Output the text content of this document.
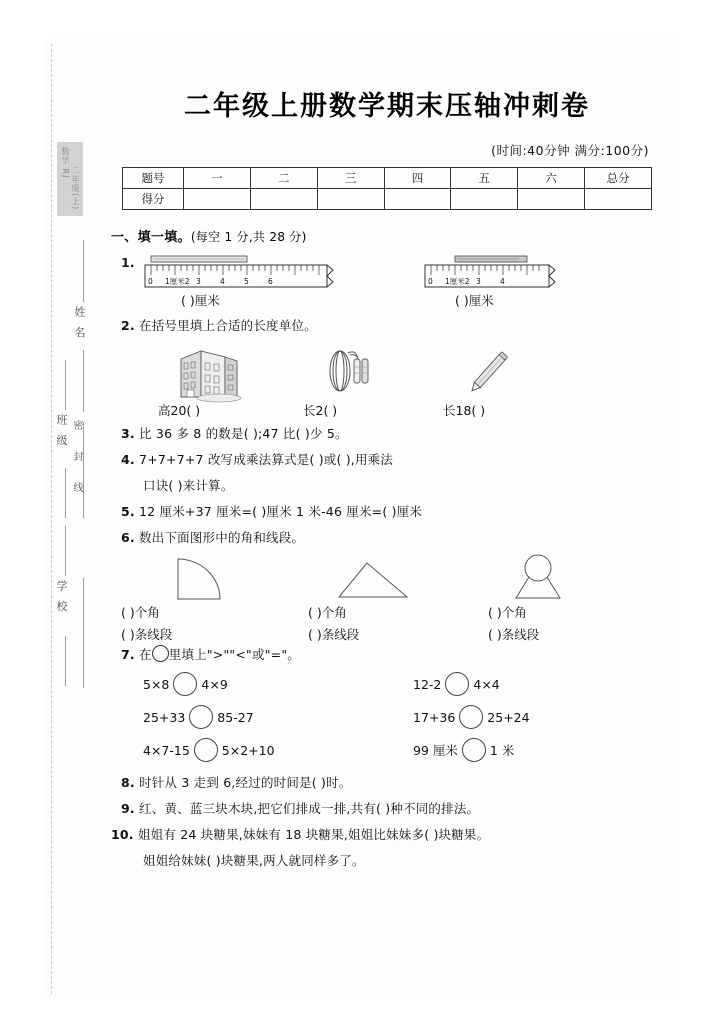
数学 RJ
二年级(上)
姓 名
班 级 密 封 线
学 校
二年级上册数学期末压轴冲刺卷
(时间:40分钟 满分:100分)
题号	一	二	三	四	五	六	总分
得分							
一、填一填。(每空 1 分,共 28 分)
1.
0 1厘米2 3	4	5	6
( )厘米
0 1厘米2 3	4
( )厘米
2. 在括号里填上合适的长度单位。
高20( )	长2( )	长18( )
3. 比 36 多 8 的数是( );47 比( )少 5。
4. 7+7+7+7 改写成乘法算式是( )或( ),用乘法
口诀( )来计算。
5. 12 厘米+37 厘米=( )厘米 1 米-46 厘米=( )厘米
6. 数出下面图形中的角和线段。
( )个角
( )条线段
( )个角
( )条线段
( )个角
( )条线段
7. 在 里填上">""<"或"="。
5×8	4×9	12-2	4×4
25+33	85-27	17+36	25+24
4×7-15	5×2+10	99 厘米	1 米
8. 时针从 3 走到 6,经过的时间是( )时。
9. 红、黄、蓝三块木块,把它们排成一排,共有( )种不同的排法。
10. 姐姐有 24 块糖果,妹妹有 18 块糖果,姐姐比妹妹多( )块糖果。
姐姐给妹妹( )块糖果,两人就同样多了。
